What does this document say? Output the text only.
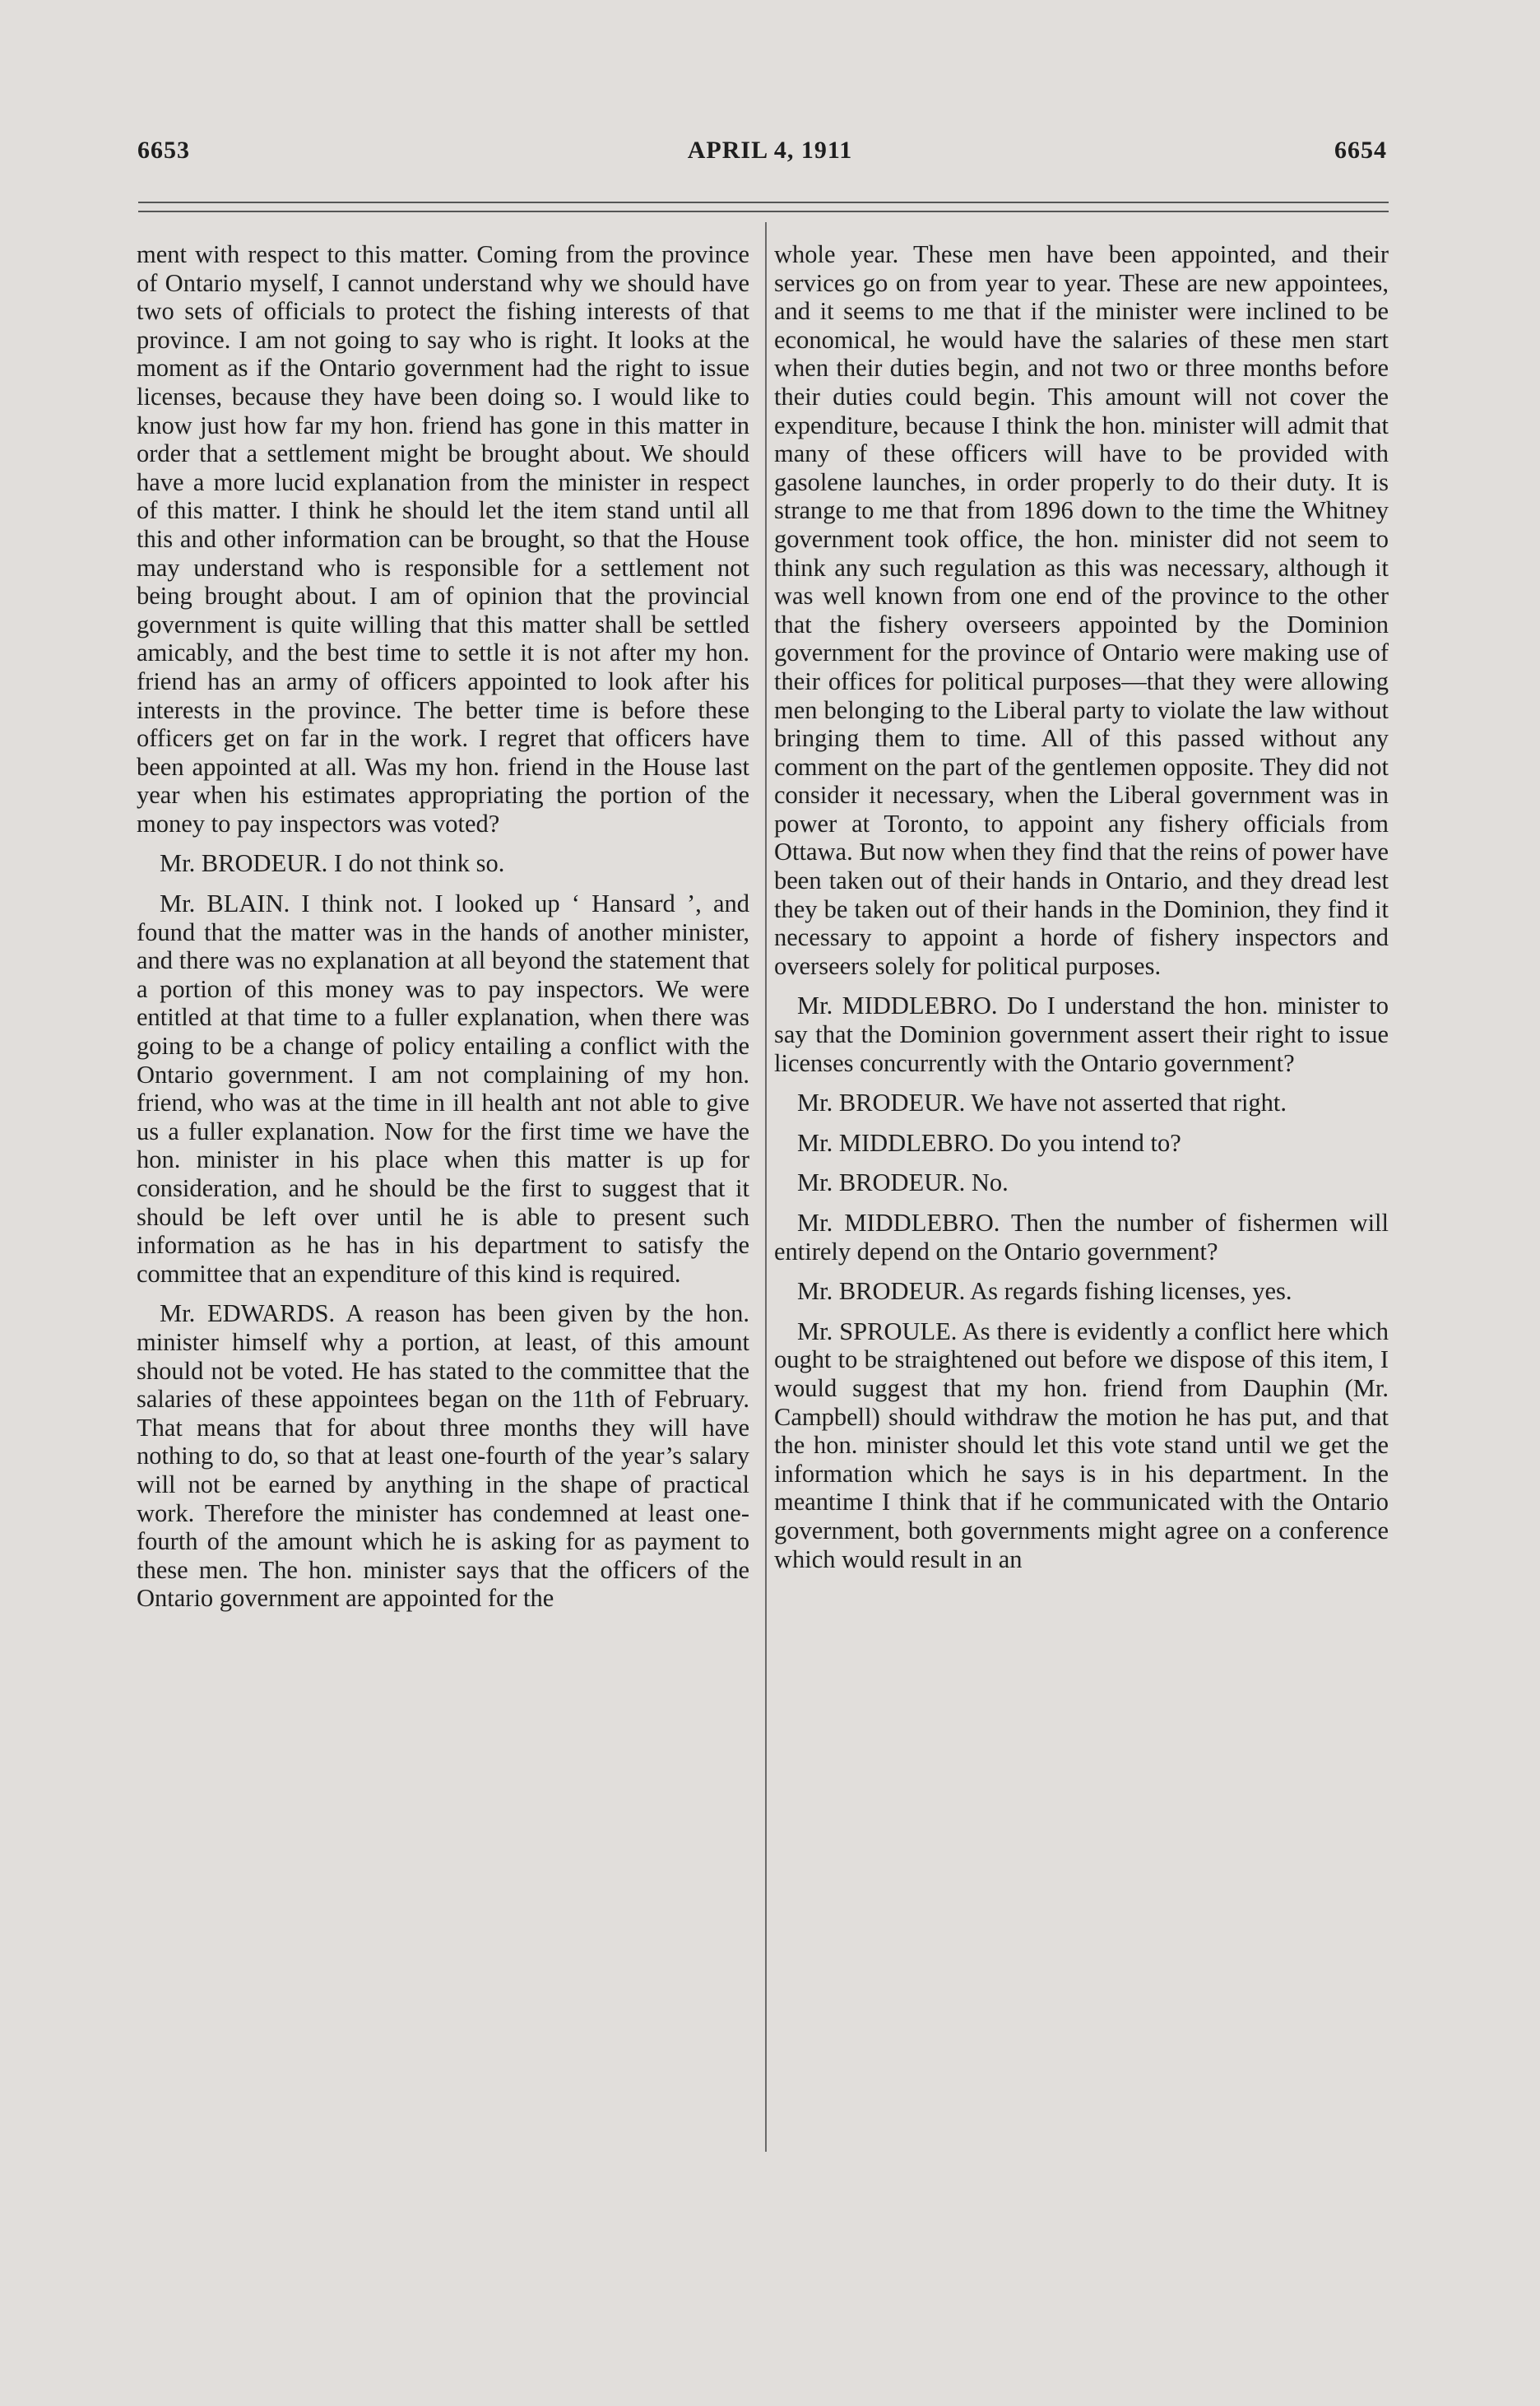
6653	APRIL 4, 1911	6654

ment with respect to this matter. Coming from the province of Ontario myself, I cannot understand why we should have two sets of officials to protect the fishing interests of that province. I am not going to say who is right. It looks at the moment as if the Ontario government had the right to issue licenses, because they have been doing so. I would like to know just how far my hon. friend has gone in this matter in order that a settlement might be brought about. We should have a more lucid explanation from the minister in respect of this matter. I think he should let the item stand until all this and other information can be brought, so that the House may understand who is responsible for a settlement not being brought about. I am of opinion that the provincial government is quite willing that this matter shall be settled amicably, and the best time to settle it is not after my hon. friend has an army of officers appointed to look after his interests in the province. The better time is before these officers get on far in the work. I regret that officers have been appointed at all. Was my hon. friend in the House last year when his estimates appropriating the portion of the money to pay inspectors was voted?

Mr. BRODEUR. I do not think so.

Mr. BLAIN. I think not. I looked up ‘ Hansard ’, and found that the matter was in the hands of another minister, and there was no explanation at all beyond the statement that a portion of this money was to pay inspectors. We were entitled at that time to a fuller explanation, when there was going to be a change of policy entailing a conflict with the Ontario government. I am not complaining of my hon. friend, who was at the time in ill health ant not able to give us a fuller explanation. Now for the first time we have the hon. minister in his place when this matter is up for consideration, and he should be the first to suggest that it should be left over until he is able to present such information as he has in his department to satisfy the committee that an expenditure of this kind is required.

Mr. EDWARDS. A reason has been given by the hon. minister himself why a portion, at least, of this amount should not be voted. He has stated to the committee that the salaries of these appointees began on the 11th of February. That means that for about three months they will have nothing to do, so that at least one-fourth of the year’s salary will not be earned by anything in the shape of practical work. Therefore the minister has condemned at least one-fourth of the amount which he is asking for as payment to these men. The hon. minister says that the officers of the Ontario government are appointed for the

whole year. These men have been appointed, and their services go on from year to year. These are new appointees, and it seems to me that if the minister were inclined to be economical, he would have the salaries of these men start when their duties begin, and not two or three months before their duties could begin. This amount will not cover the expenditure, because I think the hon. minister will admit that many of these officers will have to be provided with gasolene launches, in order properly to do their duty. It is strange to me that from 1896 down to the time the Whitney government took office, the hon. minister did not seem to think any such regulation as this was necessary, although it was well known from one end of the province to the other that the fishery overseers appointed by the Dominion government for the province of Ontario were making use of their offices for political purposes—that they were allowing men belonging to the Liberal party to violate the law without bringing them to time. All of this passed without any comment on the part of the gentlemen opposite. They did not consider it necessary, when the Liberal government was in power at Toronto, to appoint any fishery officials from Ottawa. But now when they find that the reins of power have been taken out of their hands in Ontario, and they dread lest they be taken out of their hands in the Dominion, they find it necessary to appoint a horde of fishery inspectors and overseers solely for political purposes.

Mr. MIDDLEBRO. Do I understand the hon. minister to say that the Dominion government assert their right to issue licenses concurrently with the Ontario government?

Mr. BRODEUR. We have not asserted that right.

Mr. MIDDLEBRO. Do you intend to?

Mr. BRODEUR. No.

Mr. MIDDLEBRO. Then the number of fishermen will entirely depend on the Ontario government?

Mr. BRODEUR. As regards fishing licenses, yes.

Mr. SPROULE. As there is evidently a conflict here which ought to be straightened out before we dispose of this item, I would suggest that my hon. friend from Dauphin (Mr. Campbell) should withdraw the motion he has put, and that the hon. minister should let this vote stand until we get the information which he says is in his department. In the meantime I think that if he communicated with the Ontario government, both governments might agree on a conference which would result in an
